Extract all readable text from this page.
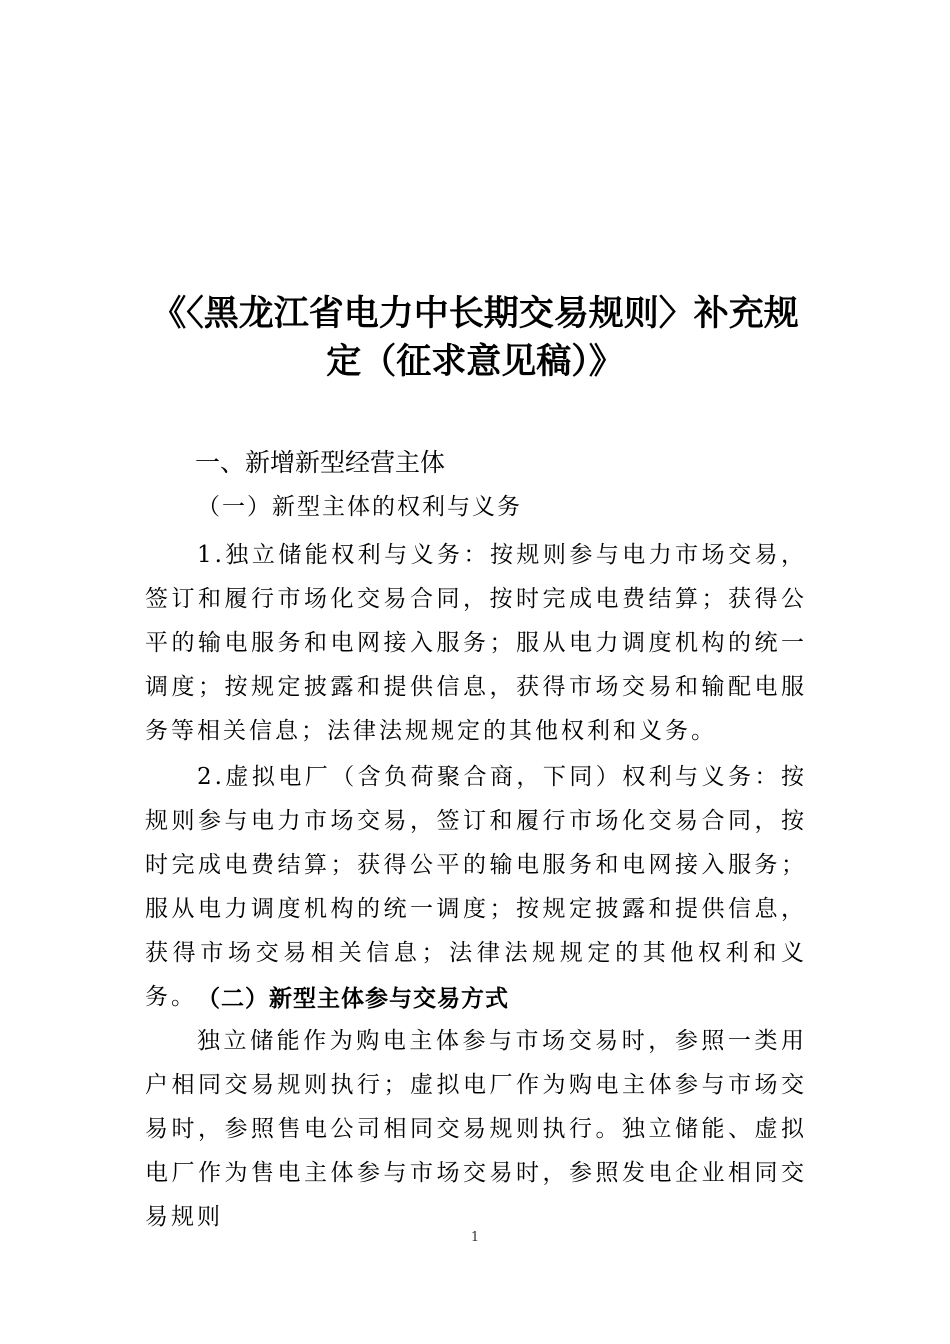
《〈黑龙江省电力中长期交易规则〉补充规
定（征求意见稿）》
一、新增新型经营主体
（一）新型主体的权利与义务

1.独立储能权利与义务：按规则参与电力市场交易，签订和履行市场化交易合同，按时完成电费结算；获得公平的输电服务和电网接入服务；服从电力调度机构的统一调度；按规定披露和提供信息，获得市场交易和输配电服务等相关信息；法律法规规定的其他权利和义务。

2.虚拟电厂（含负荷聚合商，下同）权利与义务：按规则参与电力市场交易，签订和履行市场化交易合同，按时完成电费结算；获得公平的输电服务和电网接入服务；服从电力调度机构的统一调度；按规定披露和提供信息，获得市场交易相关信息；法律法规规定的其他权利和义务。 （二）新型主体参与交易方式

独立储能作为购电主体参与市场交易时，参照一类用户相同交易规则执行；虚拟电厂作为购电主体参与市场交易时，参照售电公司相同交易规则执行。独立储能、虚拟电厂作为售电主体参与市场交易时，参照发电企业相同交易规则

1
